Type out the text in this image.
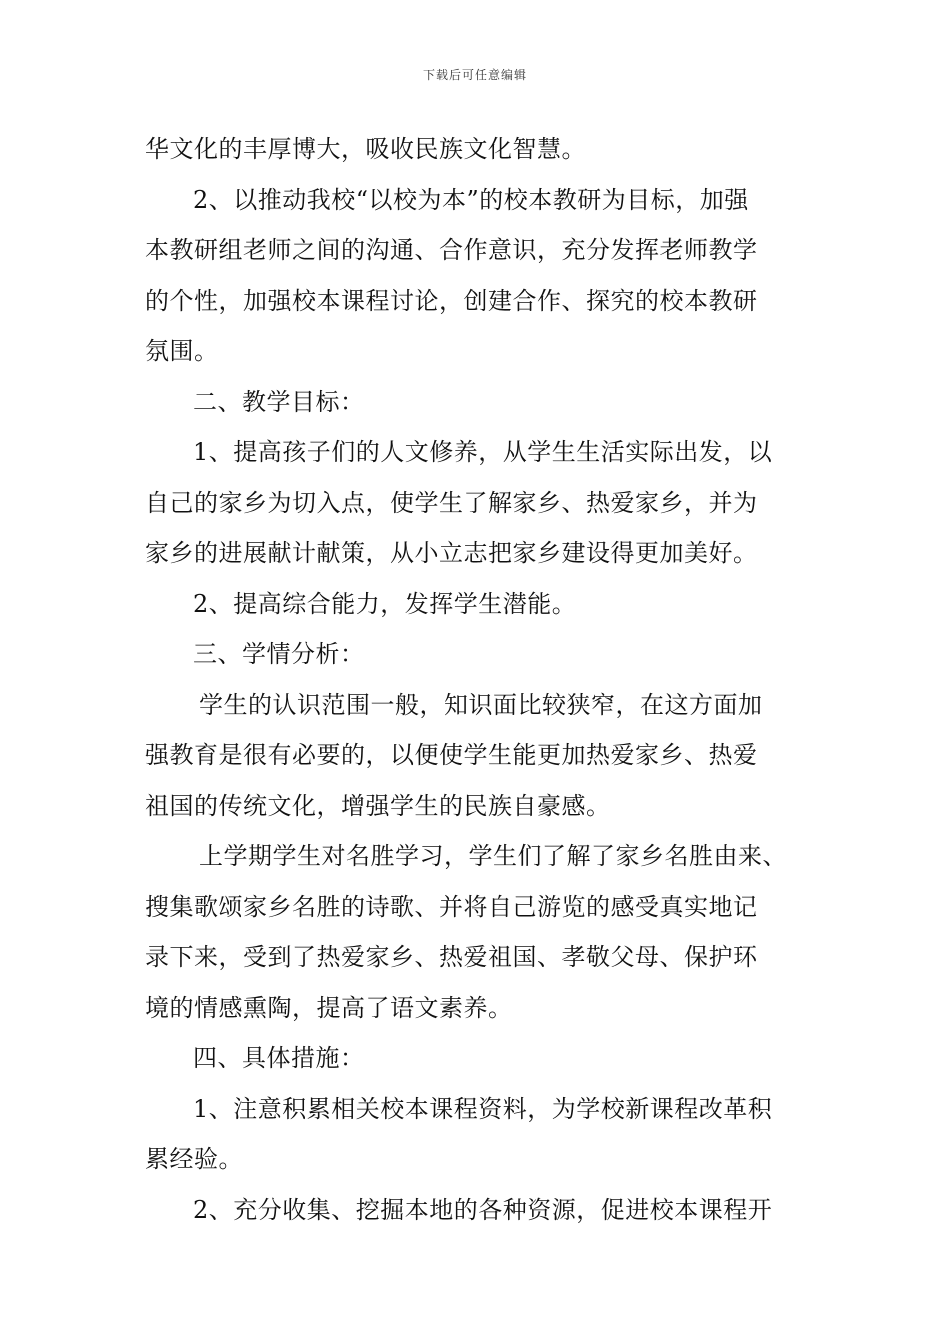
下载后可任意编辑

华文化的丰厚博大，吸收民族文化智慧。

2、以推动我校“以校为本”的校本教研为目标，加强

本教研组老师之间的沟通、合作意识，充分发挥老师教学

的个性，加强校本课程讨论，创建合作、探究的校本教研

氛围。

二、教学目标：

1、提高孩子们的人文修养，从学生生活实际出发，以

自己的家乡为切入点，使学生了解家乡、热爱家乡，并为

家乡的进展献计献策，从小立志把家乡建设得更加美好。

2、提高综合能力，发挥学生潜能。

三、学情分析：

学生的认识范围一般，知识面比较狭窄，在这方面加

强教育是很有必要的，以便使学生能更加热爱家乡、热爱

祖国的传统文化，增强学生的民族自豪感。

上学期学生对名胜学习，学生们了解了家乡名胜由来、

搜集歌颂家乡名胜的诗歌、并将自己游览的感受真实地记

录下来，受到了热爱家乡、热爱祖国、孝敬父母、保护环

境的情感熏陶，提高了语文素养。

四、具体措施：

1、注意积累相关校本课程资料，为学校新课程改革积

累经验。

2、充分收集、挖掘本地的各种资源，促进校本课程开
